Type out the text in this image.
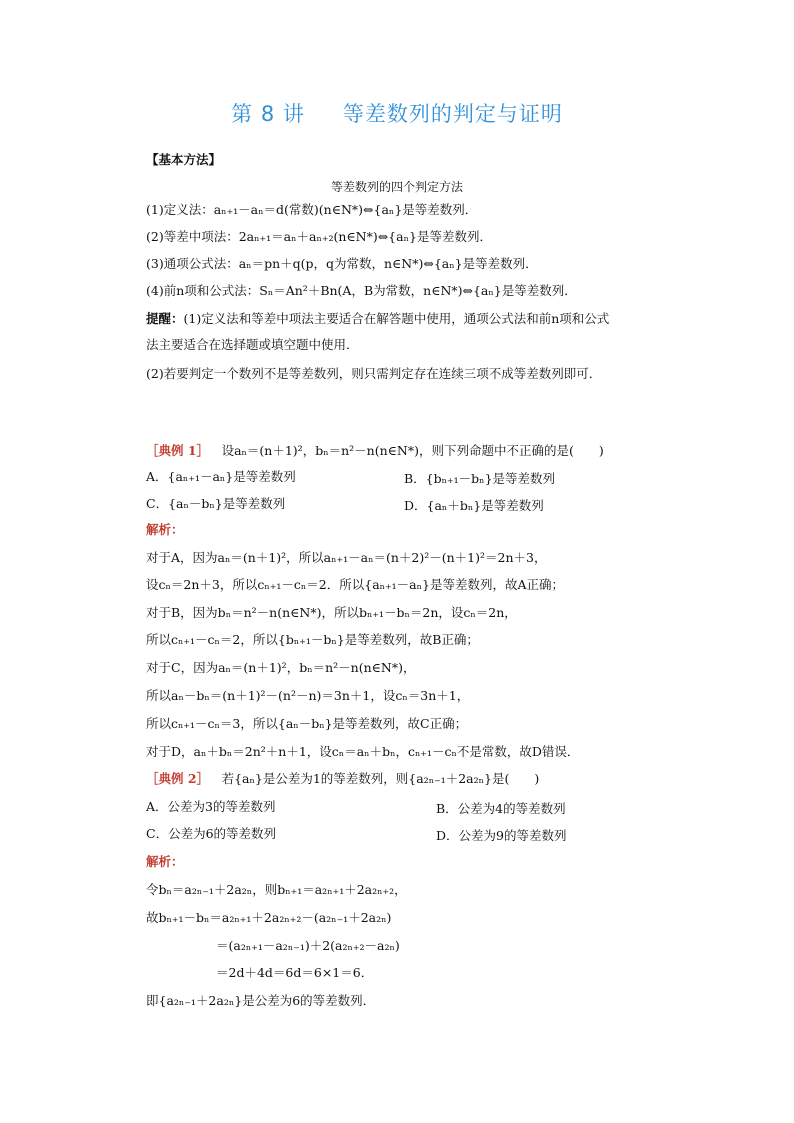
第 8 讲 等差数列的判定与证明
【基本方法】
等差数列的四个判定方法
(1)定义法：aₙ₊₁－aₙ＝d(常数)(n∈N*)⇔{aₙ}是等差数列．
(2)等差中项法：2aₙ₊₁＝aₙ＋aₙ₊₂(n∈N*)⇔{aₙ}是等差数列．
(3)通项公式法：aₙ＝pn＋q(p，q为常数，n∈N*)⇔{aₙ}是等差数列．
(4)前n项和公式法：Sₙ＝An²＋Bn(A，B为常数，n∈N*)⇔{aₙ}是等差数列．
提醒：(1)定义法和等差中项法主要适合在解答题中使用，通项公式法和前n项和公式
法主要适合在选择题或填空题中使用．
(2)若要判定一个数列不是等差数列，则只需判定存在连续三项不成等差数列即可．
［典例 1］  设aₙ＝(n＋1)²，bₙ＝n²－n(n∈N*)，则下列命题中不正确的是(　　)
A．{aₙ₊₁－aₙ}是等差数列	B．{bₙ₊₁－bₙ}是等差数列
C．{aₙ－bₙ}是等差数列	D．{aₙ＋bₙ}是等差数列
解析：
对于A，因为aₙ＝(n＋1)²，所以aₙ₊₁－aₙ＝(n＋2)²－(n＋1)²＝2n＋3，
设cₙ＝2n＋3，所以cₙ₊₁－cₙ＝2．所以{aₙ₊₁－aₙ}是等差数列，故A正确；
对于B，因为bₙ＝n²－n(n∈N*)，所以bₙ₊₁－bₙ＝2n，设cₙ＝2n，
所以cₙ₊₁－cₙ＝2，所以{bₙ₊₁－bₙ}是等差数列，故B正确；
对于C，因为aₙ＝(n＋1)²，bₙ＝n²－n(n∈N*)，
所以aₙ－bₙ＝(n＋1)²－(n²－n)＝3n＋1，设cₙ＝3n＋1，
所以cₙ₊₁－cₙ＝3，所以{aₙ－bₙ}是等差数列，故C正确；
对于D，aₙ＋bₙ＝2n²＋n＋1，设cₙ＝aₙ＋bₙ，cₙ₊₁－cₙ不是常数，故D错误．
［典例 2］  若{aₙ}是公差为1的等差数列，则{a₂ₙ₋₁＋2a₂ₙ}是(　　)
A．公差为3的等差数列	B．公差为4的等差数列
C．公差为6的等差数列	D．公差为9的等差数列
解析：
令bₙ＝a₂ₙ₋₁＋2a₂ₙ，则bₙ₊₁＝a₂ₙ₊₁＋2a₂ₙ₊₂，
故bₙ₊₁－bₙ＝a₂ₙ₊₁＋2a₂ₙ₊₂－(a₂ₙ₋₁＋2a₂ₙ)
＝(a₂ₙ₊₁－a₂ₙ₋₁)＋2(a₂ₙ₊₂－a₂ₙ)
＝2d＋4d＝6d＝6×1＝6．
即{a₂ₙ₋₁＋2a₂ₙ}是公差为6的等差数列．
